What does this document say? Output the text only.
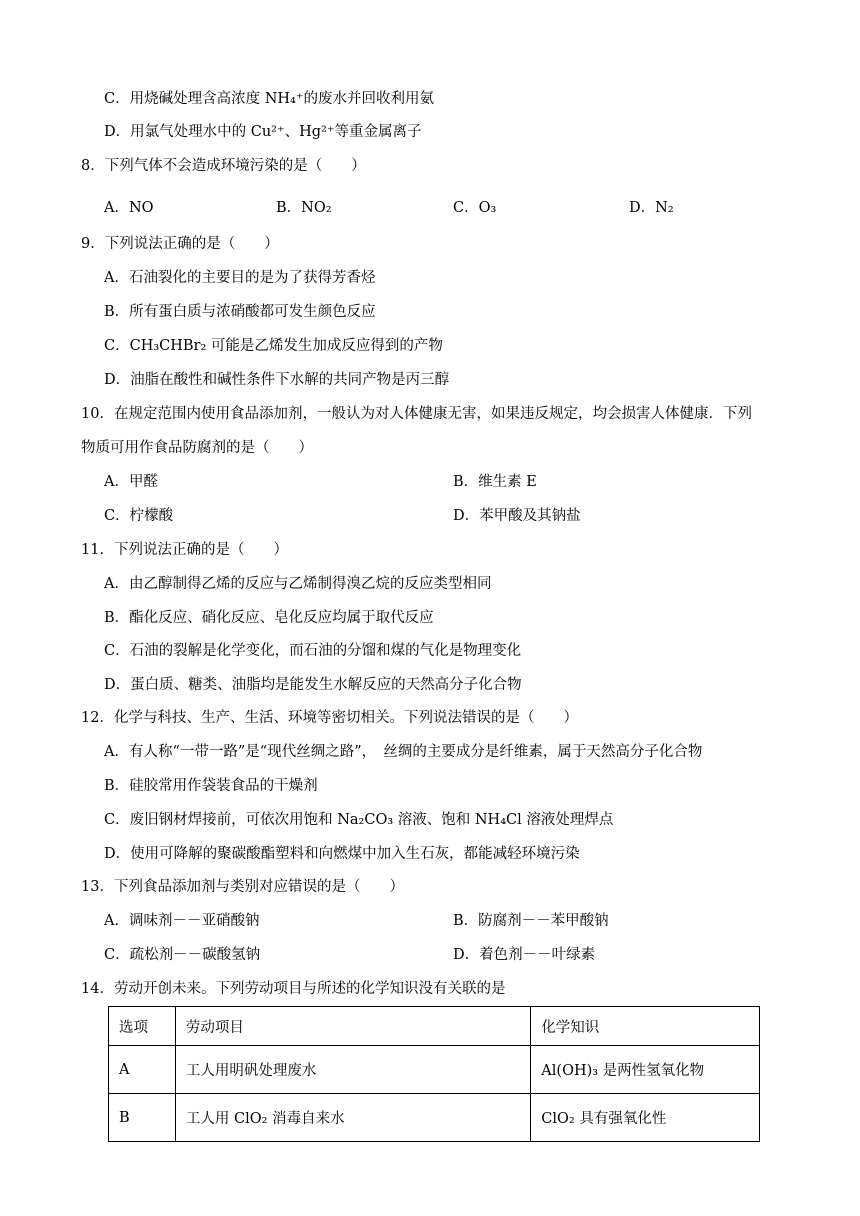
C．用烧碱处理含高浓度 NH₄⁺的废水并回收利用氨
D．用氯气处理水中的 Cu²⁺、Hg²⁺等重金属离子
8．下列气体不会造成环境污染的是（　　）
A．NO	B．NO₂	C．O₃	D．N₂
9．下列说法正确的是（　　）
A．石油裂化的主要目的是为了获得芳香烃
B．所有蛋白质与浓硝酸都可发生颜色反应
C．CH₃CHBr₂ 可能是乙烯发生加成反应得到的产物
D．油脂在酸性和碱性条件下水解的共同产物是丙三醇
10．在规定范围内使用食品添加剂，一般认为对人体健康无害，如果违反规定，均会损害人体健康．下列
物质可用作食品防腐剂的是（　　）
A．甲醛	B．维生素 E
C．柠檬酸	D．苯甲酸及其钠盐
11．下列说法正确的是（　　）
A．由乙醇制得乙烯的反应与乙烯制得溴乙烷的反应类型相同
B．酯化反应、硝化反应、皂化反应均属于取代反应
C．石油的裂解是化学变化，而石油的分馏和煤的气化是物理变化
D．蛋白质、糖类、油脂均是能发生水解反应的天然高分子化合物
12．化学与科技、生产、生活、环境等密切相关。下列说法错误的是（　　）
A．有人称“一带一路”是“现代丝绸之路”，　丝绸的主要成分是纤维素，属于天然高分子化合物
B．硅胶常用作袋装食品的干燥剂
C．废旧钢材焊接前，可依次用饱和 Na₂CO₃ 溶液、饱和 NH₄Cl 溶液处理焊点
D．使用可降解的聚碳酸酯塑料和向燃煤中加入生石灰，都能减轻环境污染
13．下列食品添加剂与类别对应错误的是（　　）
A．调味剂－－亚硝酸钠	B．防腐剂－－苯甲酸钠
C．疏松剂－－碳酸氢钠	D．着色剂－－叶绿素
14．劳动开创未来。下列劳动项目与所述的化学知识没有关联的是
选项	劳动项目	化学知识
A	工人用明矾处理废水	Al(OH)₃ 是两性氢氧化物
B	工人用 ClO₂ 消毒自来水	ClO₂ 具有强氧化性
